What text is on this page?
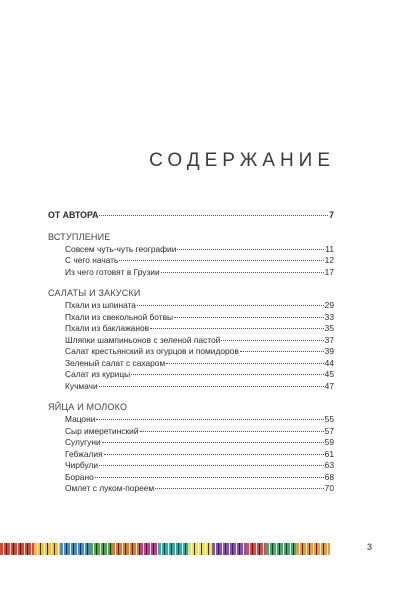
СОДЕРЖАНИЕ
ОТ АВТОРА	7
ВСТУПЛЕНИЕ
Совсем чуть-чуть географии	11
С чего начать	12
Из чего готовят в Грузии	17
САЛАТЫ И ЗАКУСКИ
Пхали из шпината	29
Пхали из свекольной ботвы	33
Пхали из баклажанов	35
Шляпки шампиньонов с зеленой пастой	37
Салат крестьянский из огурцов и помидоров	39
Зеленый салат с сахаром	44
Салат из курицы	45
Кучмачи	47
ЯЙЦА И МОЛОКО
Мацони	55
Сыр имеретинский	57
Сулугуни	59
Гебжалия	61
Чирбули	63
Борано	68
Омлет с луком-пореем	70
3
